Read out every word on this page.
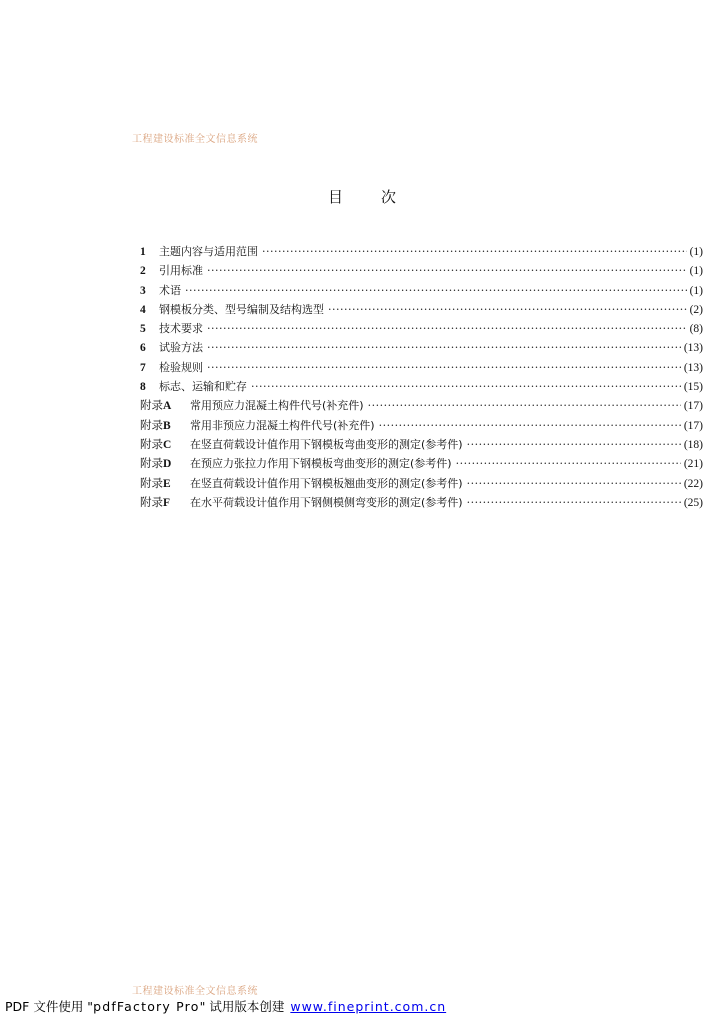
工程建设标准全文信息系统
目	次
1	主题内容与适用范围 ·····	(1)
2	引用标准 ·····	(1)
3	术语 ·····	(1)
4	钢模板分类、型号编制及结构选型 ·····	(2)
5	技术要求 ·····	(8)
6	试验方法 ·····	(13)
7	检验规则 ·····	(13)
8	标志、运输和贮存 ·····	(15)
附录A	常用预应力混凝土构件代号(补充件) ·····	(17)
附录B	常用非预应力混凝土构件代号(补充件) ·····	(17)
附录C	在竖直荷载设计值作用下钢模板弯曲变形的测定(参考件) ·····	(18)
附录D	在预应力张拉力作用下钢模板弯曲变形的测定(参考件) ·····	(21)
附录E	在竖直荷载设计值作用下钢模板翘曲变形的测定(参考件) ·····	(22)
附录F	在水平荷载设计值作用下钢侧模侧弯变形的测定(参考件) ·····	(25)
工程建设标准全文信息系统
PDF 文件使用 "pdfFactory Pro" 试用版本创建 www.fineprint.com.cn
